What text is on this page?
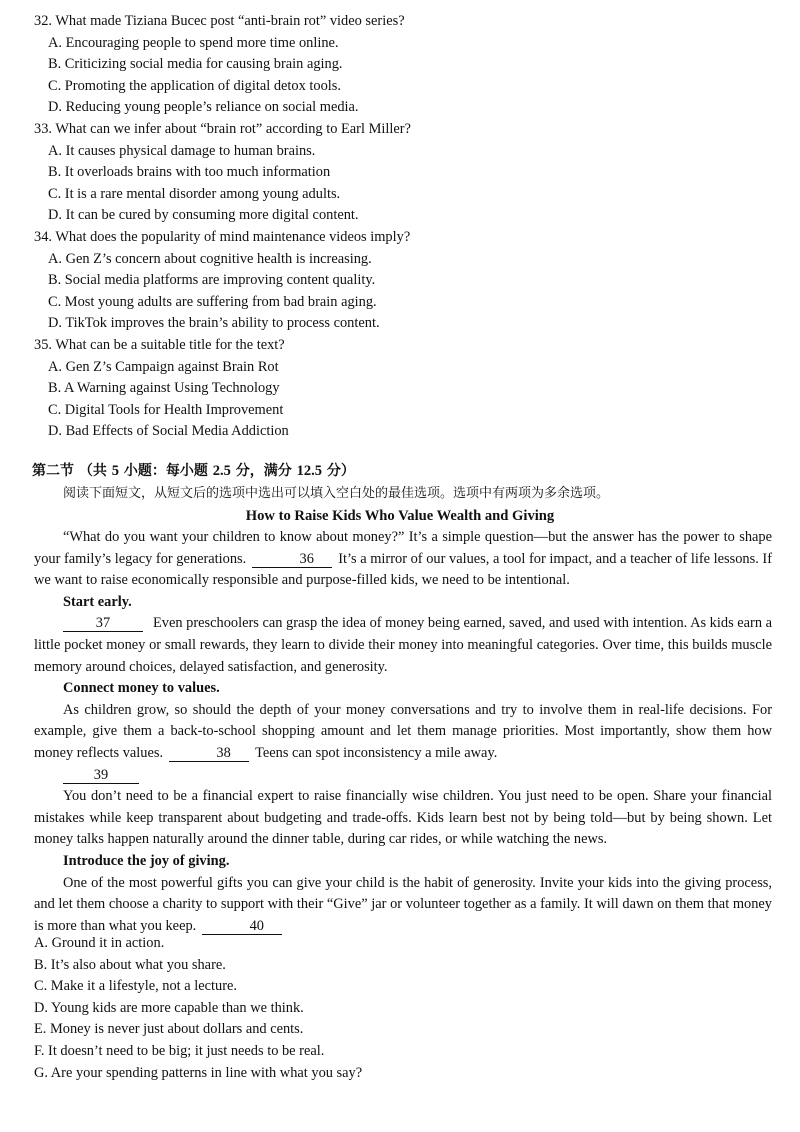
32. What made Tiziana Bucec post “anti-brain rot” video series?
A. Encouraging people to spend more time online.
B. Criticizing social media for causing brain aging.
C. Promoting the application of digital detox tools.
D. Reducing young people’s reliance on social media.
33. What can we infer about “brain rot” according to Earl Miller?
A. It causes physical damage to human brains.
B. It overloads brains with too much information
C. It is a rare mental disorder among young adults.
D. It can be cured by consuming more digital content.
34. What does the popularity of mind maintenance videos imply?
A. Gen Z’s concern about cognitive health is increasing.
B. Social media platforms are improving content quality.
C. Most young adults are suffering from bad brain aging.
D. TikTok improves the brain’s ability to process content.
35. What can be a suitable title for the text?
A. Gen Z’s Campaign against Brain Rot
B. A Warning against Using Technology
C. Digital Tools for Health Improvement
D. Bad Effects of Social Media Addiction
第二节 （共 5 小题：每小题 2.5 分，满分 12.5 分）
阅读下面短文，从短文后的选项中选出可以填入空白处的最佳选项。选项中有两项为多余选项。
How to Raise Kids Who Value Wealth and Giving

“What do you want your children to know about money?” It’s a simple question—but the answer has the power to shape your family’s legacy for generations.	36 It’s a mirror of our values, a tool for impact, and a teacher of life lessons. If we want to raise economically responsible and purpose-filled kids, we need to be intentional.

Start early.

37	Even preschoolers can grasp the idea of money being earned, saved, and used with intention. As kids earn a little pocket money or small rewards, they learn to divide their money into meaningful categories. Over time, this builds muscle memory around choices, delayed satisfaction, and generosity.

Connect money to values.

As children grow, so should the depth of your money conversations and try to involve them in real-life decisions. For example, give them a back-to-school shopping amount and let them manage priorities. Most importantly, show them how money reflects values.	38 Teens can spot inconsistency a mile away.

39

You don’t need to be a financial expert to raise financially wise children. You just need to be open. Share your financial mistakes while keep transparent about budgeting and trade-offs. Kids learn best not by being told—but by being shown. Let money talks happen naturally around the dinner table, during car rides, or while watching the news.

Introduce the joy of giving.

One of the most powerful gifts you can give your child is the habit of generosity. Invite your kids into the giving process, and let them choose a charity to support with their “Give” jar or volunteer together as a family. It will dawn on them that money is more than what you keep.	40

A. Ground it in action.
B. It’s also about what you share.
C. Make it a lifestyle, not a lecture.
D. Young kids are more capable than we think.
E. Money is never just about dollars and cents.
F. It doesn’t need to be big; it just needs to be real.
G. Are your spending patterns in line with what you say?
